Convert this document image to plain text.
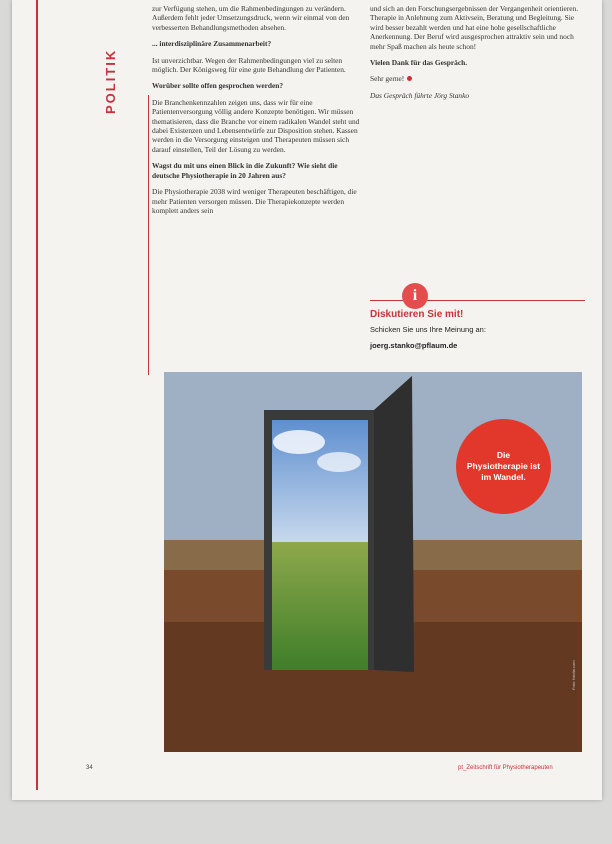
POLITIK

zur Verfügung stehen, um die Rahmenbedingungen zu verändern. Außerdem fehlt jeder Umsetzungsdruck, wenn wir einmal von den verbesserten Behandlungsmethoden absehen.

... interdisziplinäre Zusammenarbeit?

Ist unverzichtbar. Wegen der Rahmenbedingungen viel zu selten möglich. Der Königsweg für eine gute Behandlung der Patienten.

Worüber sollte offen gesprochen werden?

Die Branchenkennzahlen zeigen uns, dass wir für eine Patientenversorgung völlig andere Konzepte benötigen. Wir müssen thematisieren, dass die Branche vor einem radikalen Wandel steht und dabei Existenzen und Lebensentwürfe zur Disposition stehen. Kassen werden in die Versorgung einsteigen und Therapeuten müssen sich darauf einstellen, Teil der Lösung zu werden.

Wagst du mit uns einen Blick in die Zukunft? Wie sieht die deutsche Physiotherapie in 20 Jahren aus?

Die Physiotherapie 2038 wird weniger Therapeuten beschäftigen, die mehr Patienten versorgen müssen. Die Therapiekonzepte werden komplett anders sein

und sich an den Forschungsergebnissen der Vergangenheit orientieren. Therapie in Anlehnung zum Aktivsein, Beratung und Begleitung. Sie wird besser bezahlt werden und hat eine hohe gesellschaftliche Anerkennung. Der Beruf wird ausgesprochen attraktiv sein und noch mehr Spaß machen als heute schon!

Vielen Dank für das Gespräch.

Sehr gerne!

Das Gespräch führte Jörg Stanko

i
Diskutieren Sie mit!
Schicken Sie uns Ihre Meinung an:
joerg.stanko@pflaum.de
Die Physiotherapie ist im Wandel.
Foto: fotolia.com
34	pt_Zeitschrift für Physiotherapeuten
